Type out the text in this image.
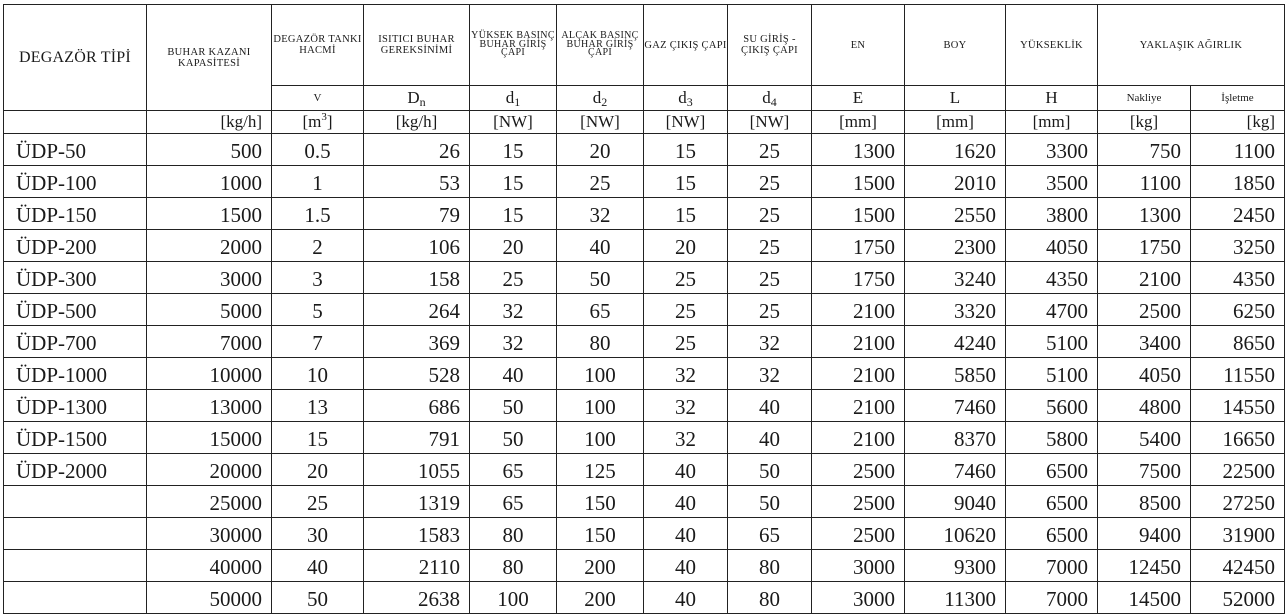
DEGAZÖR TİPİ	BUHAR KAZANI KAPASİTESİ	DEGAZÖR TANKI HACMİ	ISITICI BUHAR GEREKSİNİMİ	YÜKSEK BASINÇ BUHAR GİRİŞ ÇAPI	ALÇAK BASINÇ BUHAR GİRİŞ ÇAPI	GAZ ÇIKIŞ ÇAPI	SU GİRİŞ - ÇIKIŞ ÇAPI	EN	BOY	YÜKSEKLİK	YAKLAŞIK AĞIRLIK	
		V	$D_n$	$d_1$	$d_2$	$d_3$	$d_4$	E	L	H	Nakliye	İşletme
	[kg/h]	$[m^3]$	[kg/h]	[NW]	[NW]	[NW]	[NW]	[mm]	[mm]	[mm]	[kg]	[kg]
ÜDP-50	500	0.5	26	15	20	15	25	1300	1620	3300	750	1100
ÜDP-100	1000	1	53	15	25	15	25	1500	2010	3500	1100	1850
ÜDP-150	1500	1.5	79	15	32	15	25	1500	2550	3800	1300	2450
ÜDP-200	2000	2	106	20	40	20	25	1750	2300	4050	1750	3250
ÜDP-300	3000	3	158	25	50	25	25	1750	3240	4350	2100	4350
ÜDP-500	5000	5	264	32	65	25	25	2100	3320	4700	2500	6250
ÜDP-700	7000	7	369	32	80	25	32	2100	4240	5100	3400	8650
ÜDP-1000	10000	10	528	40	100	32	32	2100	5850	5100	4050	11550
ÜDP-1300	13000	13	686	50	100	32	40	2100	7460	5600	4800	14550
ÜDP-1500	15000	15	791	50	100	32	40	2100	8370	5800	5400	16650
ÜDP-2000	20000	20	1055	65	125	40	50	2500	7460	6500	7500	22500
	25000	25	1319	65	150	40	50	2500	9040	6500	8500	27250
	30000	30	1583	80	150	40	65	2500	10620	6500	9400	31900
	40000	40	2110	80	200	40	80	3000	9300	7000	12450	42450
	50000	50	2638	100	200	40	80	3000	11300	7000	14500	52000
